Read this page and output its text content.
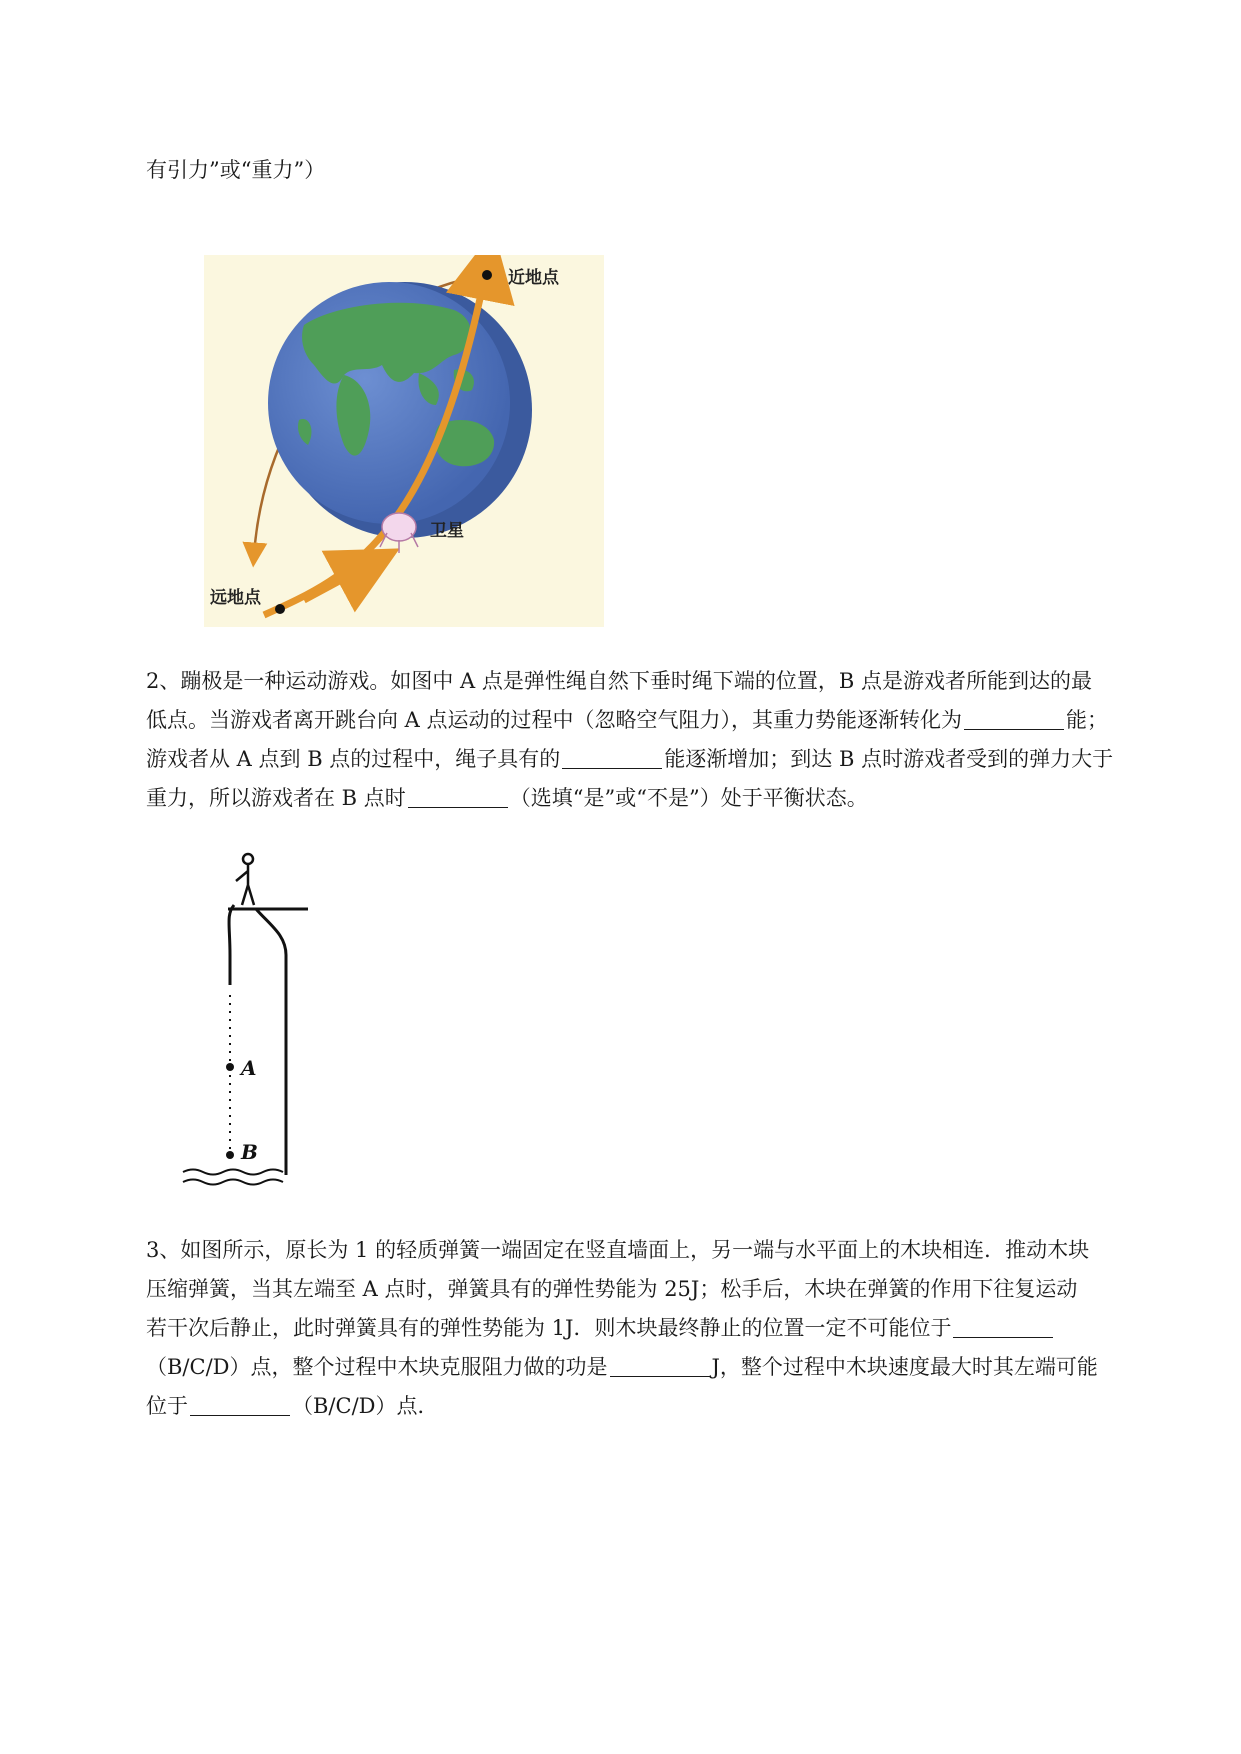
有引力”或“重力”）
近地点
远地点
卫星
2、蹦极是一种运动游戏。如图中 A 点是弹性绳自然下垂时绳下端的位置，B 点是游戏者所能到达的最
低点。当游戏者离开跳台向 A 点运动的过程中（忽略空气阻力），其重力势能逐渐转化为	能；
游戏者从 A 点到 B 点的过程中，绳子具有的	能逐渐增加；到达 B 点时游戏者受到的弹力大于
重力，所以游戏者在 B 点时	（选填“是”或“不是”）处于平衡状态。
A
B
3、如图所示，原长为 1 的轻质弹簧一端固定在竖直墙面上，另一端与水平面上的木块相连．推动木块
压缩弹簧，当其左端至 A 点时，弹簧具有的弹性势能为 25J；松手后，木块在弹簧的作用下往复运动
若干次后静止，此时弹簧具有的弹性势能为 1J．则木块最终静止的位置一定不可能位于
（B/C/D）点，整个过程中木块克服阻力做的功是	J，整个过程中木块速度最大时其左端可能
位于	（B/C/D）点．
